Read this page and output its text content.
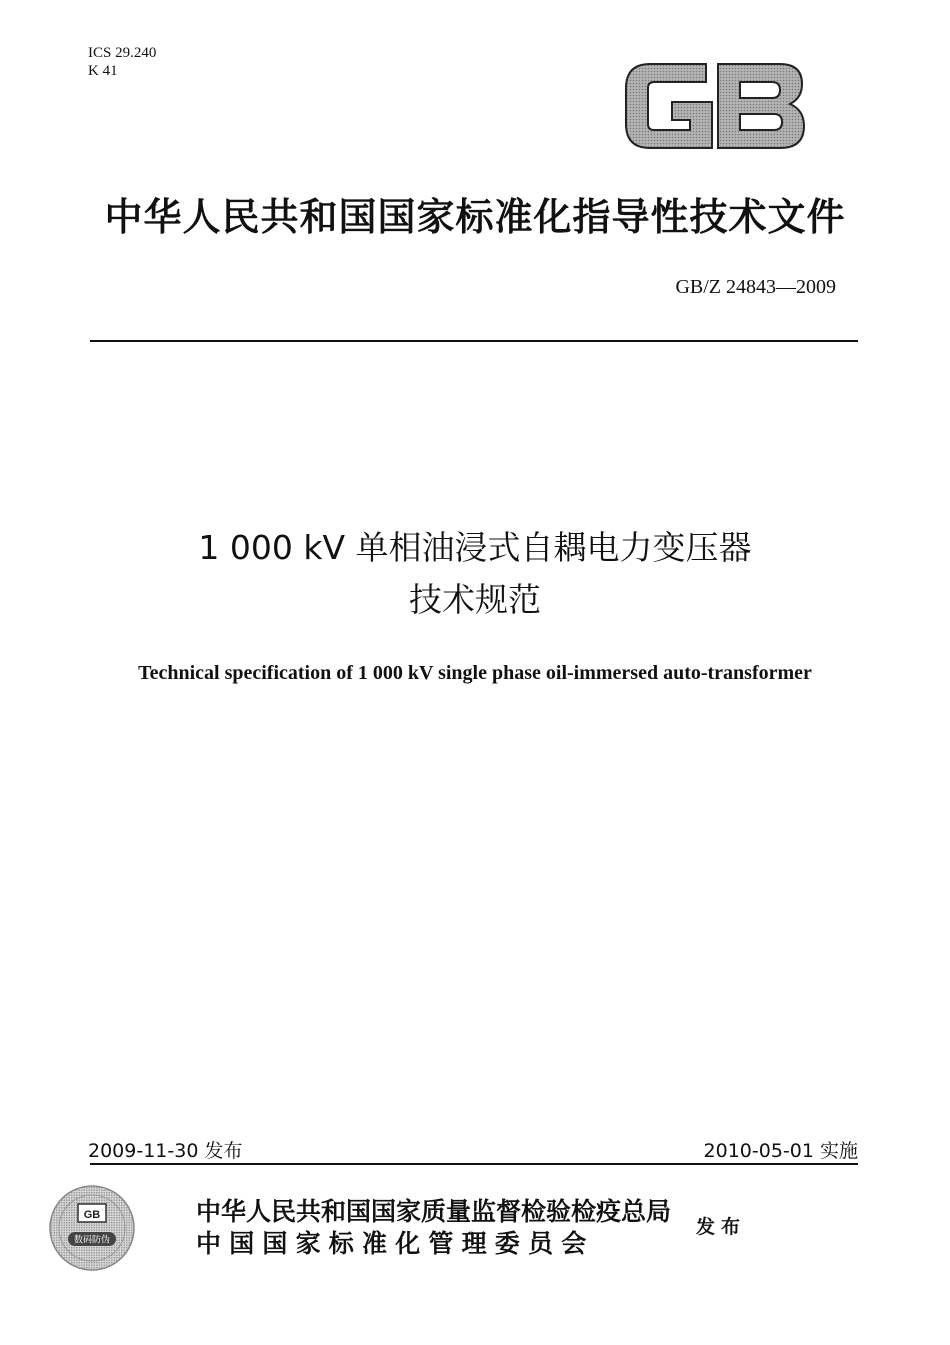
ICS 29.240
K 41
中华人民共和国国家标准化指导性技术文件
GB/Z 24843—2009
1 000 kV 单相油浸式自耦电力变压器
技术规范
Technical specification of 1 000 kV single phase oil-immersed auto-transformer
2009-11-30 发布	2010-05-01 实施
GB
数码防伪
中华人民共和国国家质量监督检验检疫总局
中国国家标准化管理委员会
发布
